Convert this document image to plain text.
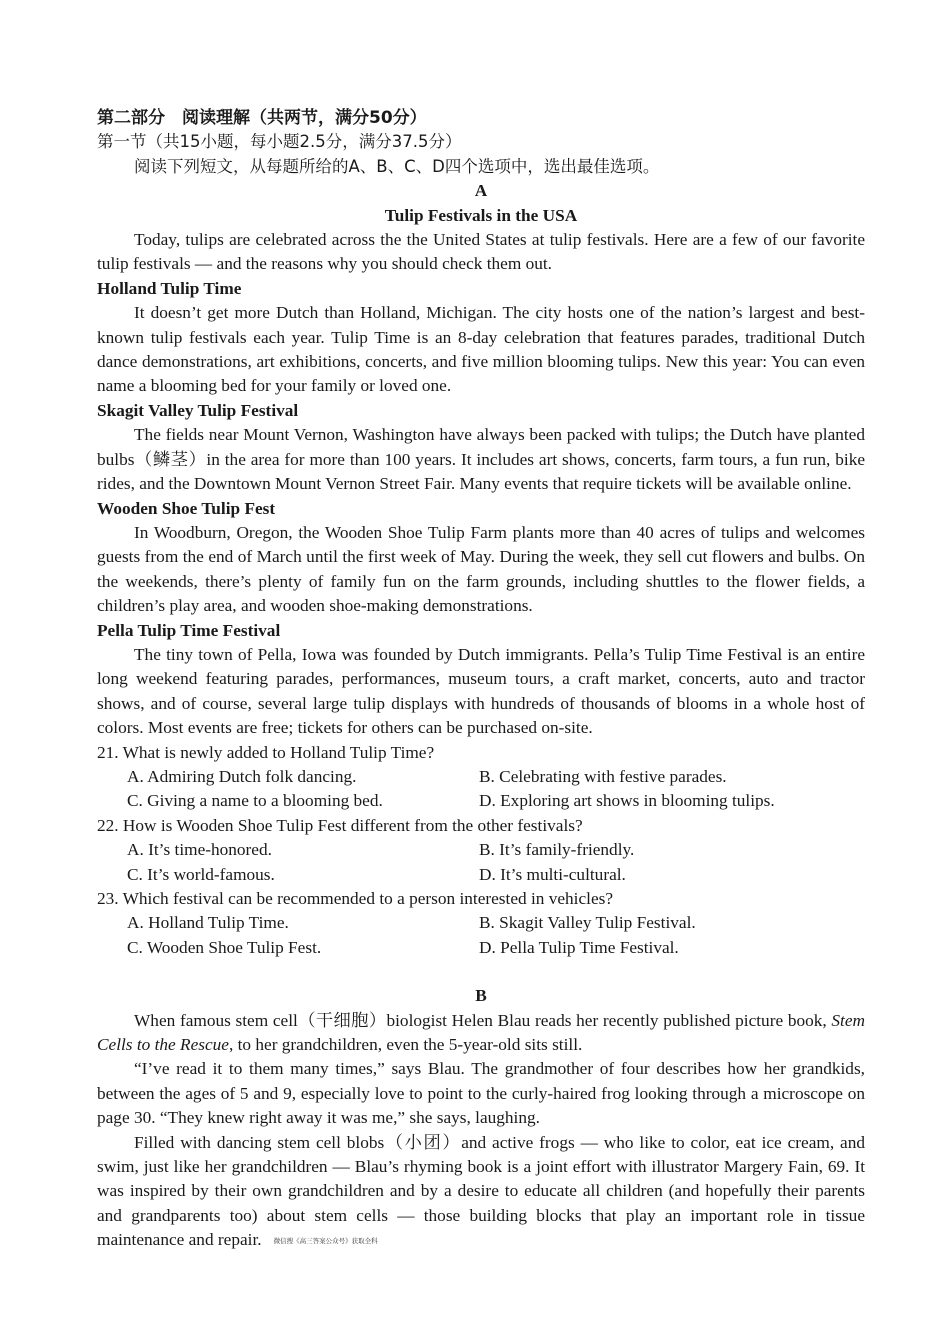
第二部分　阅读理解（共两节，满分50分）
第一节（共15小题，每小题2.5分，满分37.5分）
阅读下列短文，从每题所给的A、B、C、D四个选项中，选出最佳选项。
A
Tulip Festivals in the USA
Today, tulips are celebrated across the the United States at tulip festivals. Here are a few of our favorite tulip festivals — and the reasons why you should check them out.
Holland Tulip Time
It doesn’t get more Dutch than Holland, Michigan. The city hosts one of the nation’s largest and best-known tulip festivals each year. Tulip Time is an 8-day celebration that features parades, traditional Dutch dance demonstrations, art exhibitions, concerts, and five million blooming tulips. New this year: You can even name a blooming bed for your family or loved one.
Skagit Valley Tulip Festival
The fields near Mount Vernon, Washington have always been packed with tulips; the Dutch have planted bulbs（鳞茎）in the area for more than 100 years. It includes art shows, concerts, farm tours, a fun run, bike rides, and the Downtown Mount Vernon Street Fair. Many events that require tickets will be available online.
Wooden Shoe Tulip Fest
In Woodburn, Oregon, the Wooden Shoe Tulip Farm plants more than 40 acres of tulips and welcomes guests from the end of March until the first week of May. During the week, they sell cut flowers and bulbs. On the weekends, there’s plenty of family fun on the farm grounds, including shuttles to the flower fields, a children’s play area, and wooden shoe-making demonstrations.
Pella Tulip Time Festival
The tiny town of Pella, Iowa was founded by Dutch immigrants. Pella’s Tulip Time Festival is an entire long weekend featuring parades, performances, museum tours, a craft market, concerts, auto and tractor shows, and of course, several large tulip displays with hundreds of thousands of blooms in a whole host of colors. Most events are free; tickets for others can be purchased on-site.
21. What is newly added to Holland Tulip Time?
A. Admiring Dutch folk dancing.	B. Celebrating with festive parades.
C. Giving a name to a blooming bed.	D. Exploring art shows in blooming tulips.
22. How is Wooden Shoe Tulip Fest different from the other festivals?
A. It’s time-honored.	B. It’s family-friendly.
C. It’s world-famous.	D. It’s multi-cultural.
23. Which festival can be recommended to a person interested in vehicles?
A. Holland Tulip Time.	B. Skagit Valley Tulip Festival.
C. Wooden Shoe Tulip Fest.	D. Pella Tulip Time Festival.
B
When famous stem cell（干细胞）biologist Helen Blau reads her recently published picture book, Stem Cells to the Rescue, to her grandchildren, even the 5-year-old sits still.
“I’ve read it to them many times,” says Blau. The grandmother of four describes how her grandkids, between the ages of 5 and 9, especially love to point to the curly-haired frog looking through a microscope on page 30. “They knew right away it was me,” she says, laughing.
Filled with dancing stem cell blobs（小团）and active frogs — who like to color, eat ice cream, and swim, just like her grandchildren — Blau’s rhyming book is a joint effort with illustrator Margery Fain, 69. It was inspired by their own grandchildren and by a desire to educate all children (and hopefully their parents and grandparents too) about stem cells — those building blocks that play an important role in tissue maintenance and repair. 微信搜《高三答案公众号》获取全科
